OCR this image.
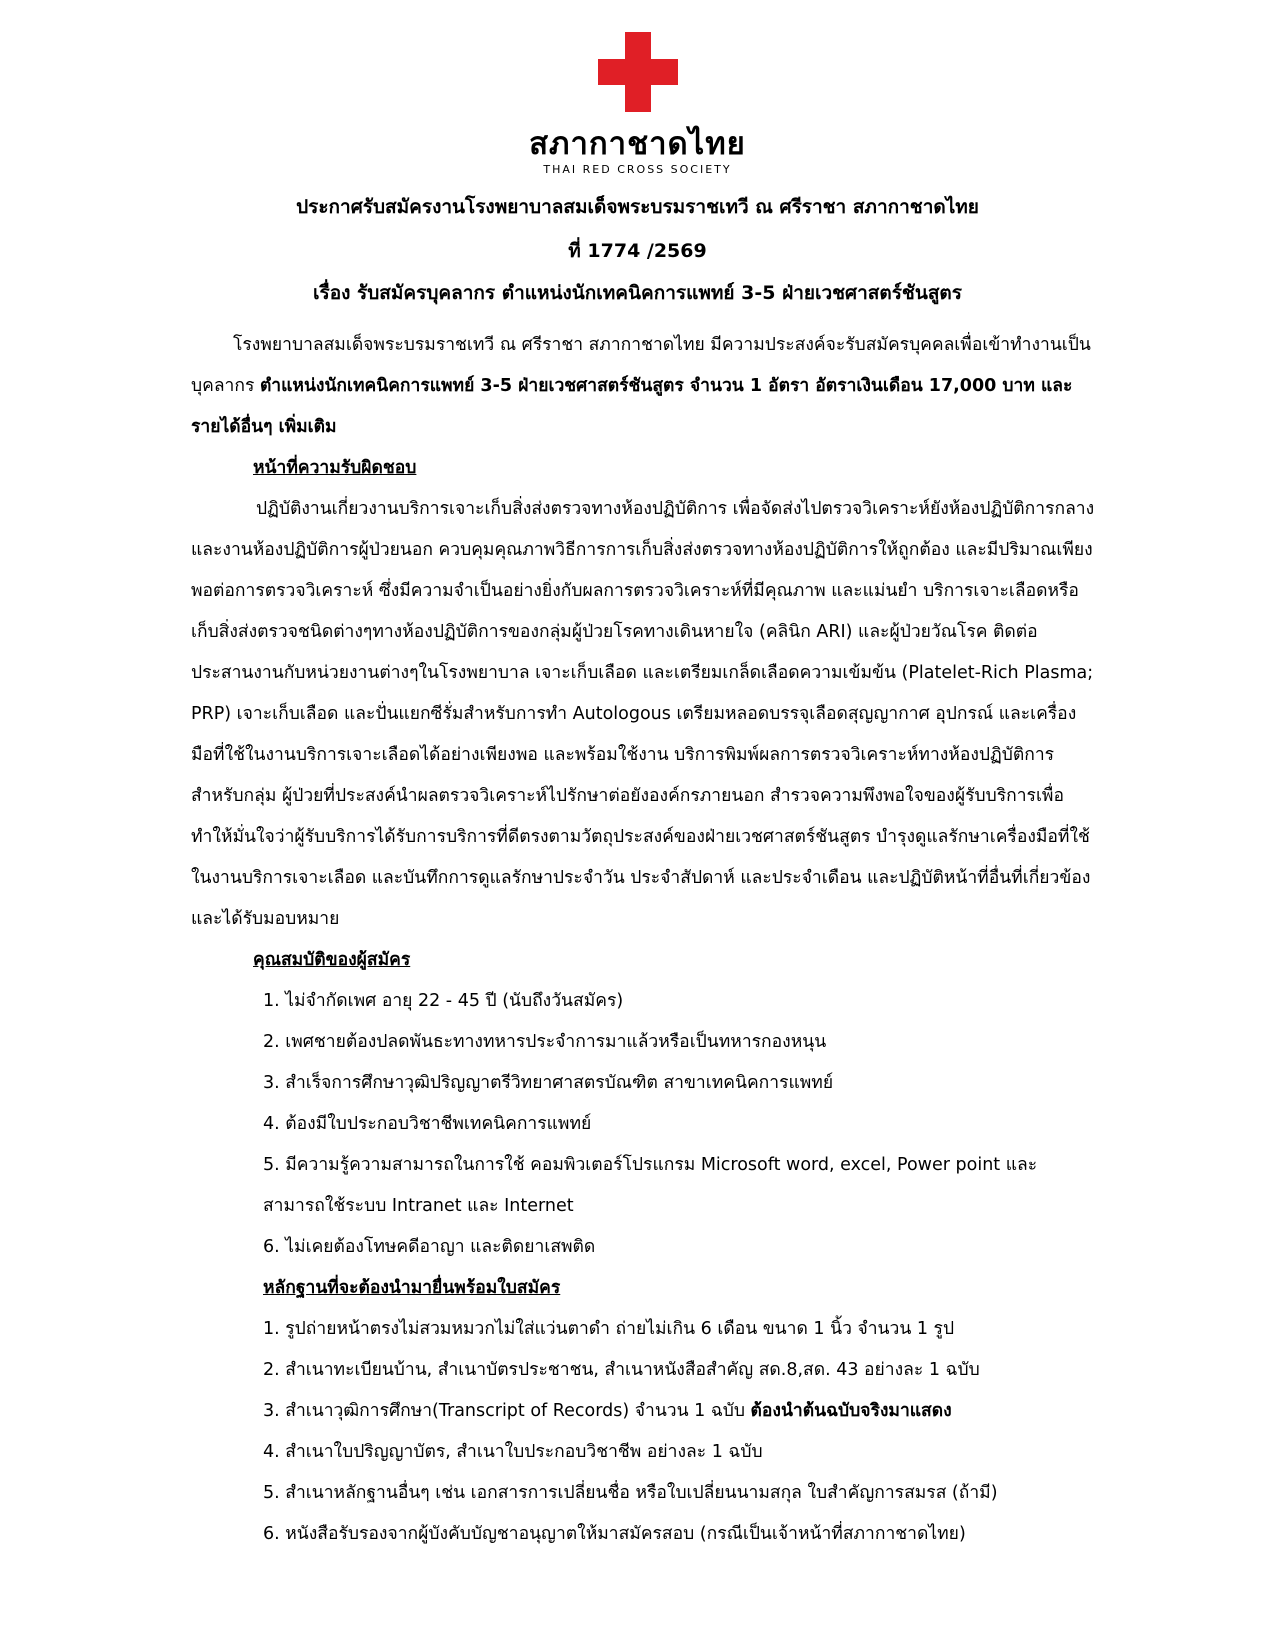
สภากาชาดไทย
THAI RED CROSS SOCIETY
ประกาศรับสมัครงานโรงพยาบาลสมเด็จพระบรมราชเทวี ณ ศรีราชา สภากาชาดไทย
ที่ 1774 /2569
เรื่อง รับสมัครบุคลากร ตำแหน่งนักเทคนิคการแพทย์ 3-5 ฝ่ายเวชศาสตร์ชันสูตร

โรงพยาบาลสมเด็จพระบรมราชเทวี ณ ศรีราชา สภากาชาดไทย มีความประสงค์จะรับสมัครบุคคลเพื่อเข้าทำงานเป็นบุคลากร ตำแหน่งนักเทคนิคการแพทย์ 3-5 ฝ่ายเวชศาสตร์ชันสูตร จำนวน 1 อัตรา อัตราเงินเดือน 17,000 บาท และรายได้อื่นๆ เพิ่มเติม

หน้าที่ความรับผิดชอบ

ปฏิบัติงานเกี่ยวงานบริการเจาะเก็บสิ่งส่งตรวจทางห้องปฏิบัติการ เพื่อจัดส่งไปตรวจวิเคราะห์ยังห้องปฏิบัติการกลาง และงานห้องปฏิบัติการผู้ป่วยนอก ควบคุมคุณภาพวิธีการการเก็บสิ่งส่งตรวจทางห้องปฏิบัติการให้ถูกต้อง และมีปริมาณเพียงพอต่อการตรวจวิเคราะห์ ซึ่งมีความจำเป็นอย่างยิ่งกับผลการตรวจวิเคราะห์ที่มีคุณภาพ และแม่นยำ บริการเจาะเลือดหรือเก็บสิ่งส่งตรวจชนิดต่างๆทางห้องปฏิบัติการของกลุ่มผู้ป่วยโรคทางเดินหายใจ (คลินิก ARI) และผู้ป่วยวัณโรค ติดต่อประสานงานกับหน่วยงานต่างๆในโรงพยาบาล เจาะเก็บเลือด และเตรียมเกล็ดเลือดความเข้มข้น (Platelet-Rich Plasma; PRP) เจาะเก็บเลือด และปั่นแยกซีรั่มสำหรับการทำ Autologous เตรียมหลอดบรรจุเลือดสุญญากาศ อุปกรณ์ และเครื่องมือที่ใช้ในงานบริการเจาะเลือดได้อย่างเพียงพอ และพร้อมใช้งาน บริการพิมพ์ผลการตรวจวิเคราะห์ทางห้องปฏิบัติการสำหรับกลุ่ม ผู้ป่วยที่ประสงค์นำผลตรวจวิเคราะห์ไปรักษาต่อยังองค์กรภายนอก สำรวจความพึงพอใจของผู้รับบริการเพื่อทำให้มั่นใจว่าผู้รับบริการได้รับการบริการที่ดีตรงตามวัตถุประสงค์ของฝ่ายเวชศาสตร์ชันสูตร บำรุงดูแลรักษาเครื่องมือที่ใช้ในงานบริการเจาะเลือด และบันทึกการดูแลรักษาประจำวัน ประจำสัปดาห์ และประจำเดือน และปฏิบัติหน้าที่อื่นที่เกี่ยวข้อง และได้รับมอบหมาย

คุณสมบัติของผู้สมัคร
1. ไม่จำกัดเพศ อายุ 22 - 45 ปี (นับถึงวันสมัคร)
2. เพศชายต้องปลดพันธะทางทหารประจำการมาแล้วหรือเป็นทหารกองหนุน
3. สำเร็จการศึกษาวุฒิปริญญาตรีวิทยาศาสตรบัณฑิต สาขาเทคนิคการแพทย์
4. ต้องมีใบประกอบวิชาชีพเทคนิคการแพทย์
5. มีความรู้ความสามารถในการใช้ คอมพิวเตอร์โปรแกรม Microsoft word, excel, Power point และสามารถใช้ระบบ Intranet และ Internet
6. ไม่เคยต้องโทษคดีอาญา และติดยาเสพติด
หลักฐานที่จะต้องนำมายื่นพร้อมใบสมัคร
1. รูปถ่ายหน้าตรงไม่สวมหมวกไม่ใส่แว่นตาดำ ถ่ายไม่เกิน 6 เดือน ขนาด 1 นิ้ว จำนวน 1 รูป
2. สำเนาทะเบียนบ้าน, สำเนาบัตรประชาชน, สำเนาหนังสือสำคัญ สด.8,สด. 43 อย่างละ 1 ฉบับ
3. สำเนาวุฒิการศึกษา(Transcript of Records) จำนวน 1 ฉบับ ต้องนำต้นฉบับจริงมาแสดง
4. สำเนาใบปริญญาบัตร, สำเนาใบประกอบวิชาชีพ อย่างละ 1 ฉบับ
5. สำเนาหลักฐานอื่นๆ เช่น เอกสารการเปลี่ยนชื่อ หรือใบเปลี่ยนนามสกุล ใบสำคัญการสมรส (ถ้ามี)
6. หนังสือรับรองจากผู้บังคับบัญชาอนุญาตให้มาสมัครสอบ (กรณีเป็นเจ้าหน้าที่สภากาชาดไทย)
